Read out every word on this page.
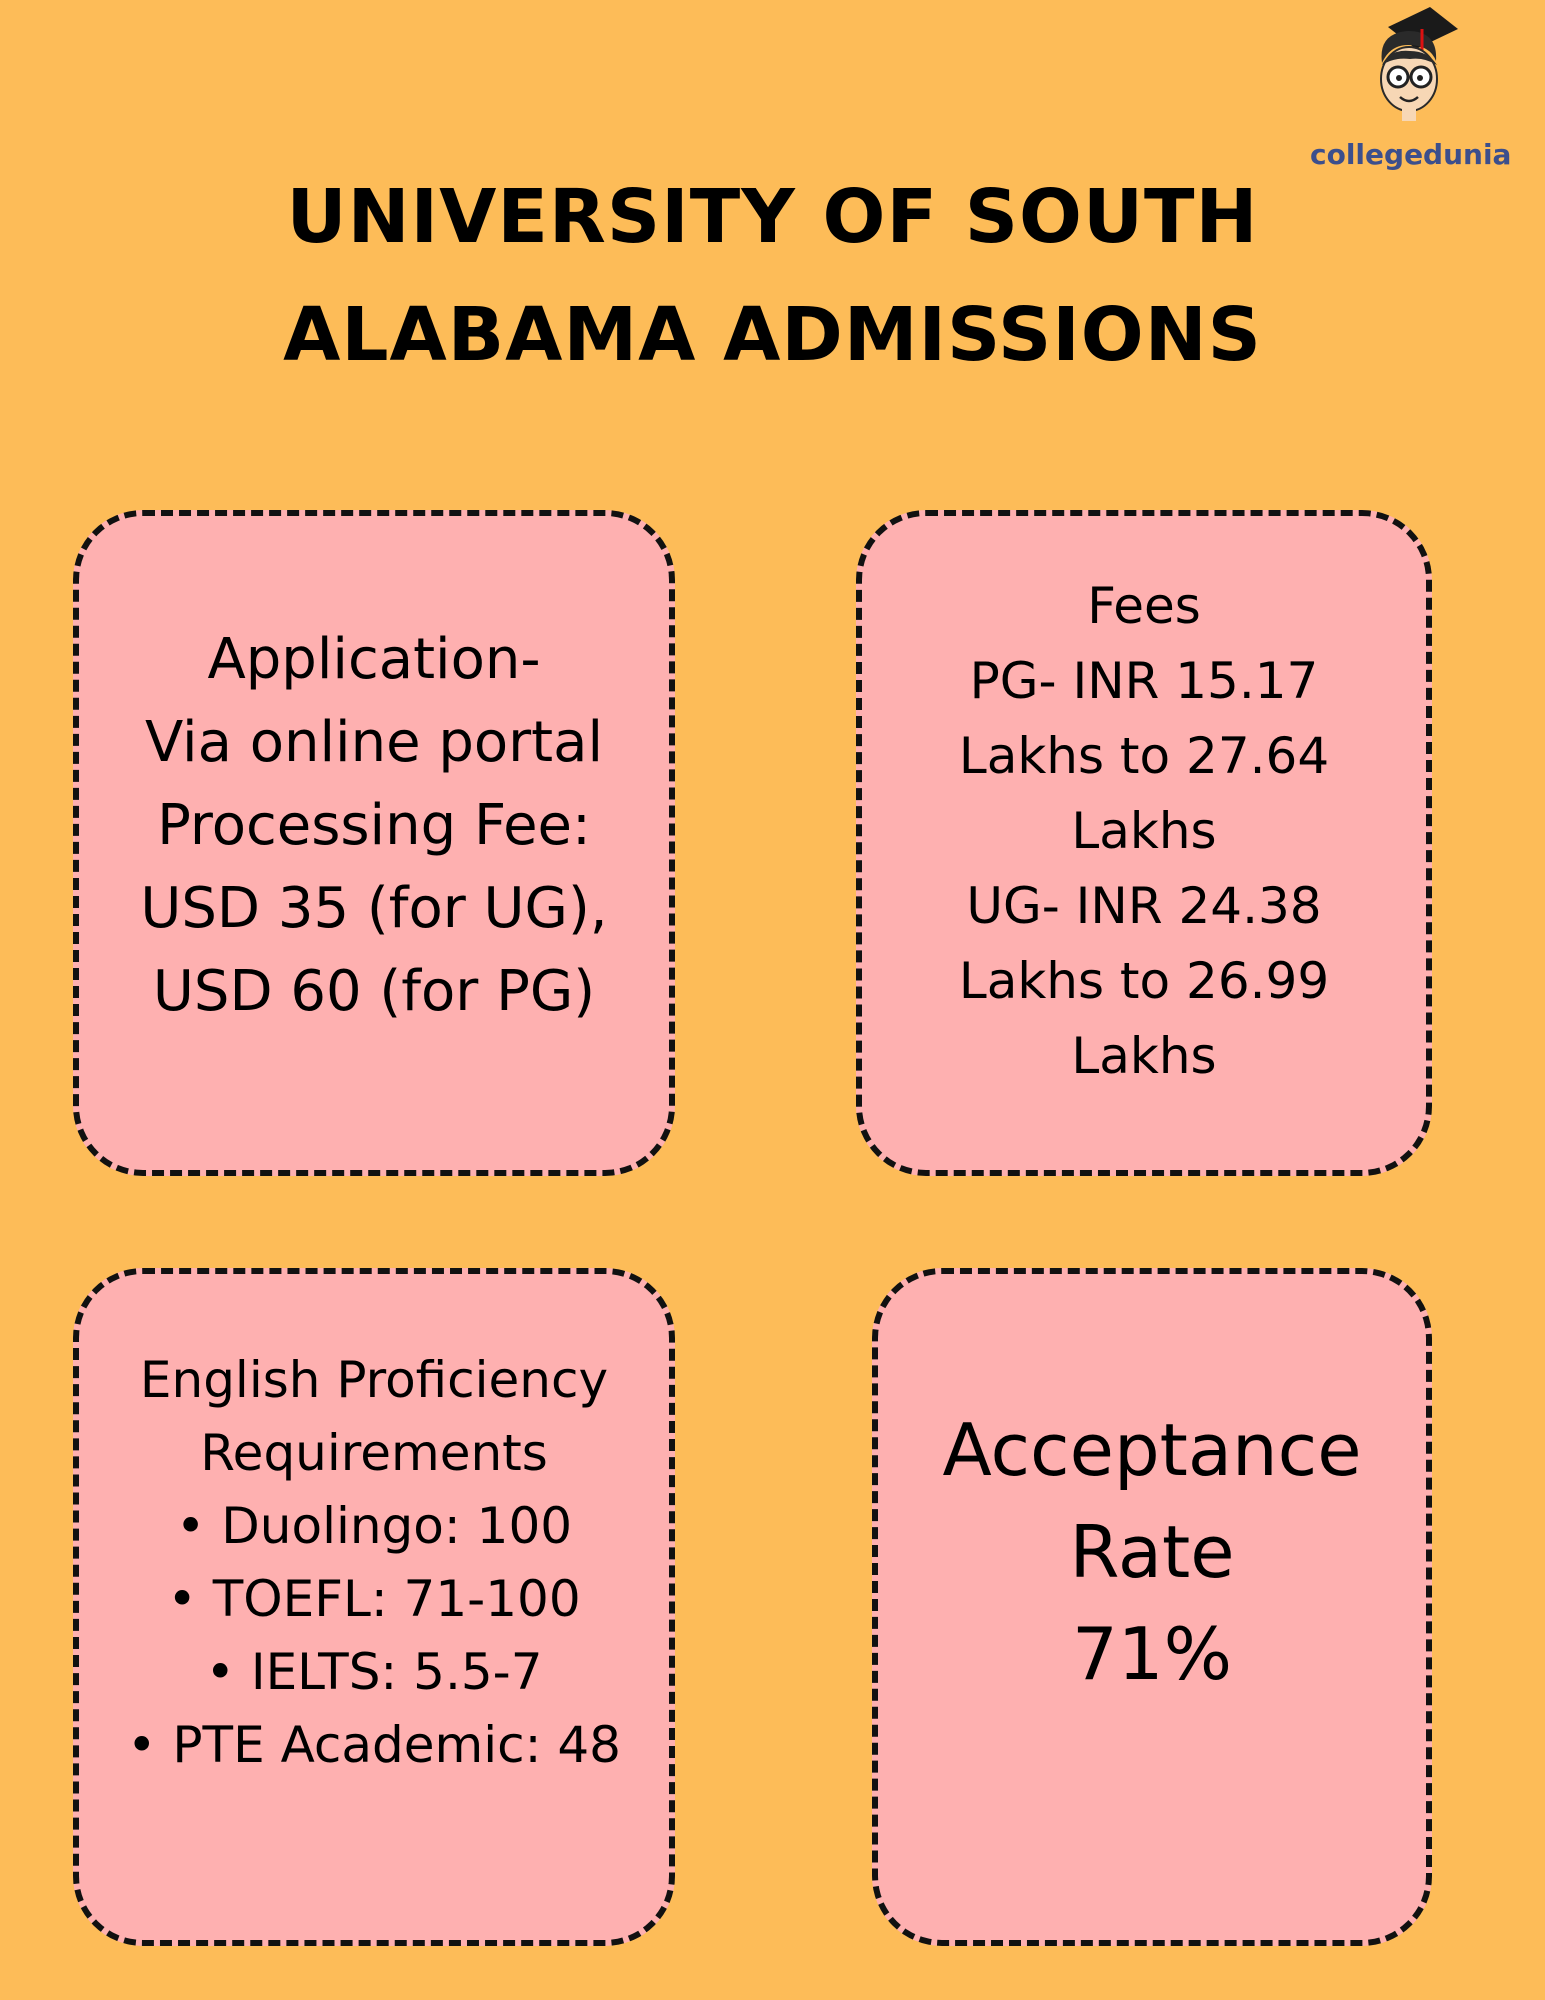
collegedunia
UNIVERSITY OF SOUTH
ALABAMA ADMISSIONS
Application-
Via online portal
Processing Fee:
USD 35 (for UG),
USD 60 (for PG)
Fees
PG- INR 15.17
Lakhs to 27.64
Lakhs
UG- INR 24.38
Lakhs to 26.99
Lakhs
English Proficiency
Requirements
• Duolingo: 100
• TOEFL: 71-100
• IELTS: 5.5-7
• PTE Academic: 48
Acceptance
Rate
71%
